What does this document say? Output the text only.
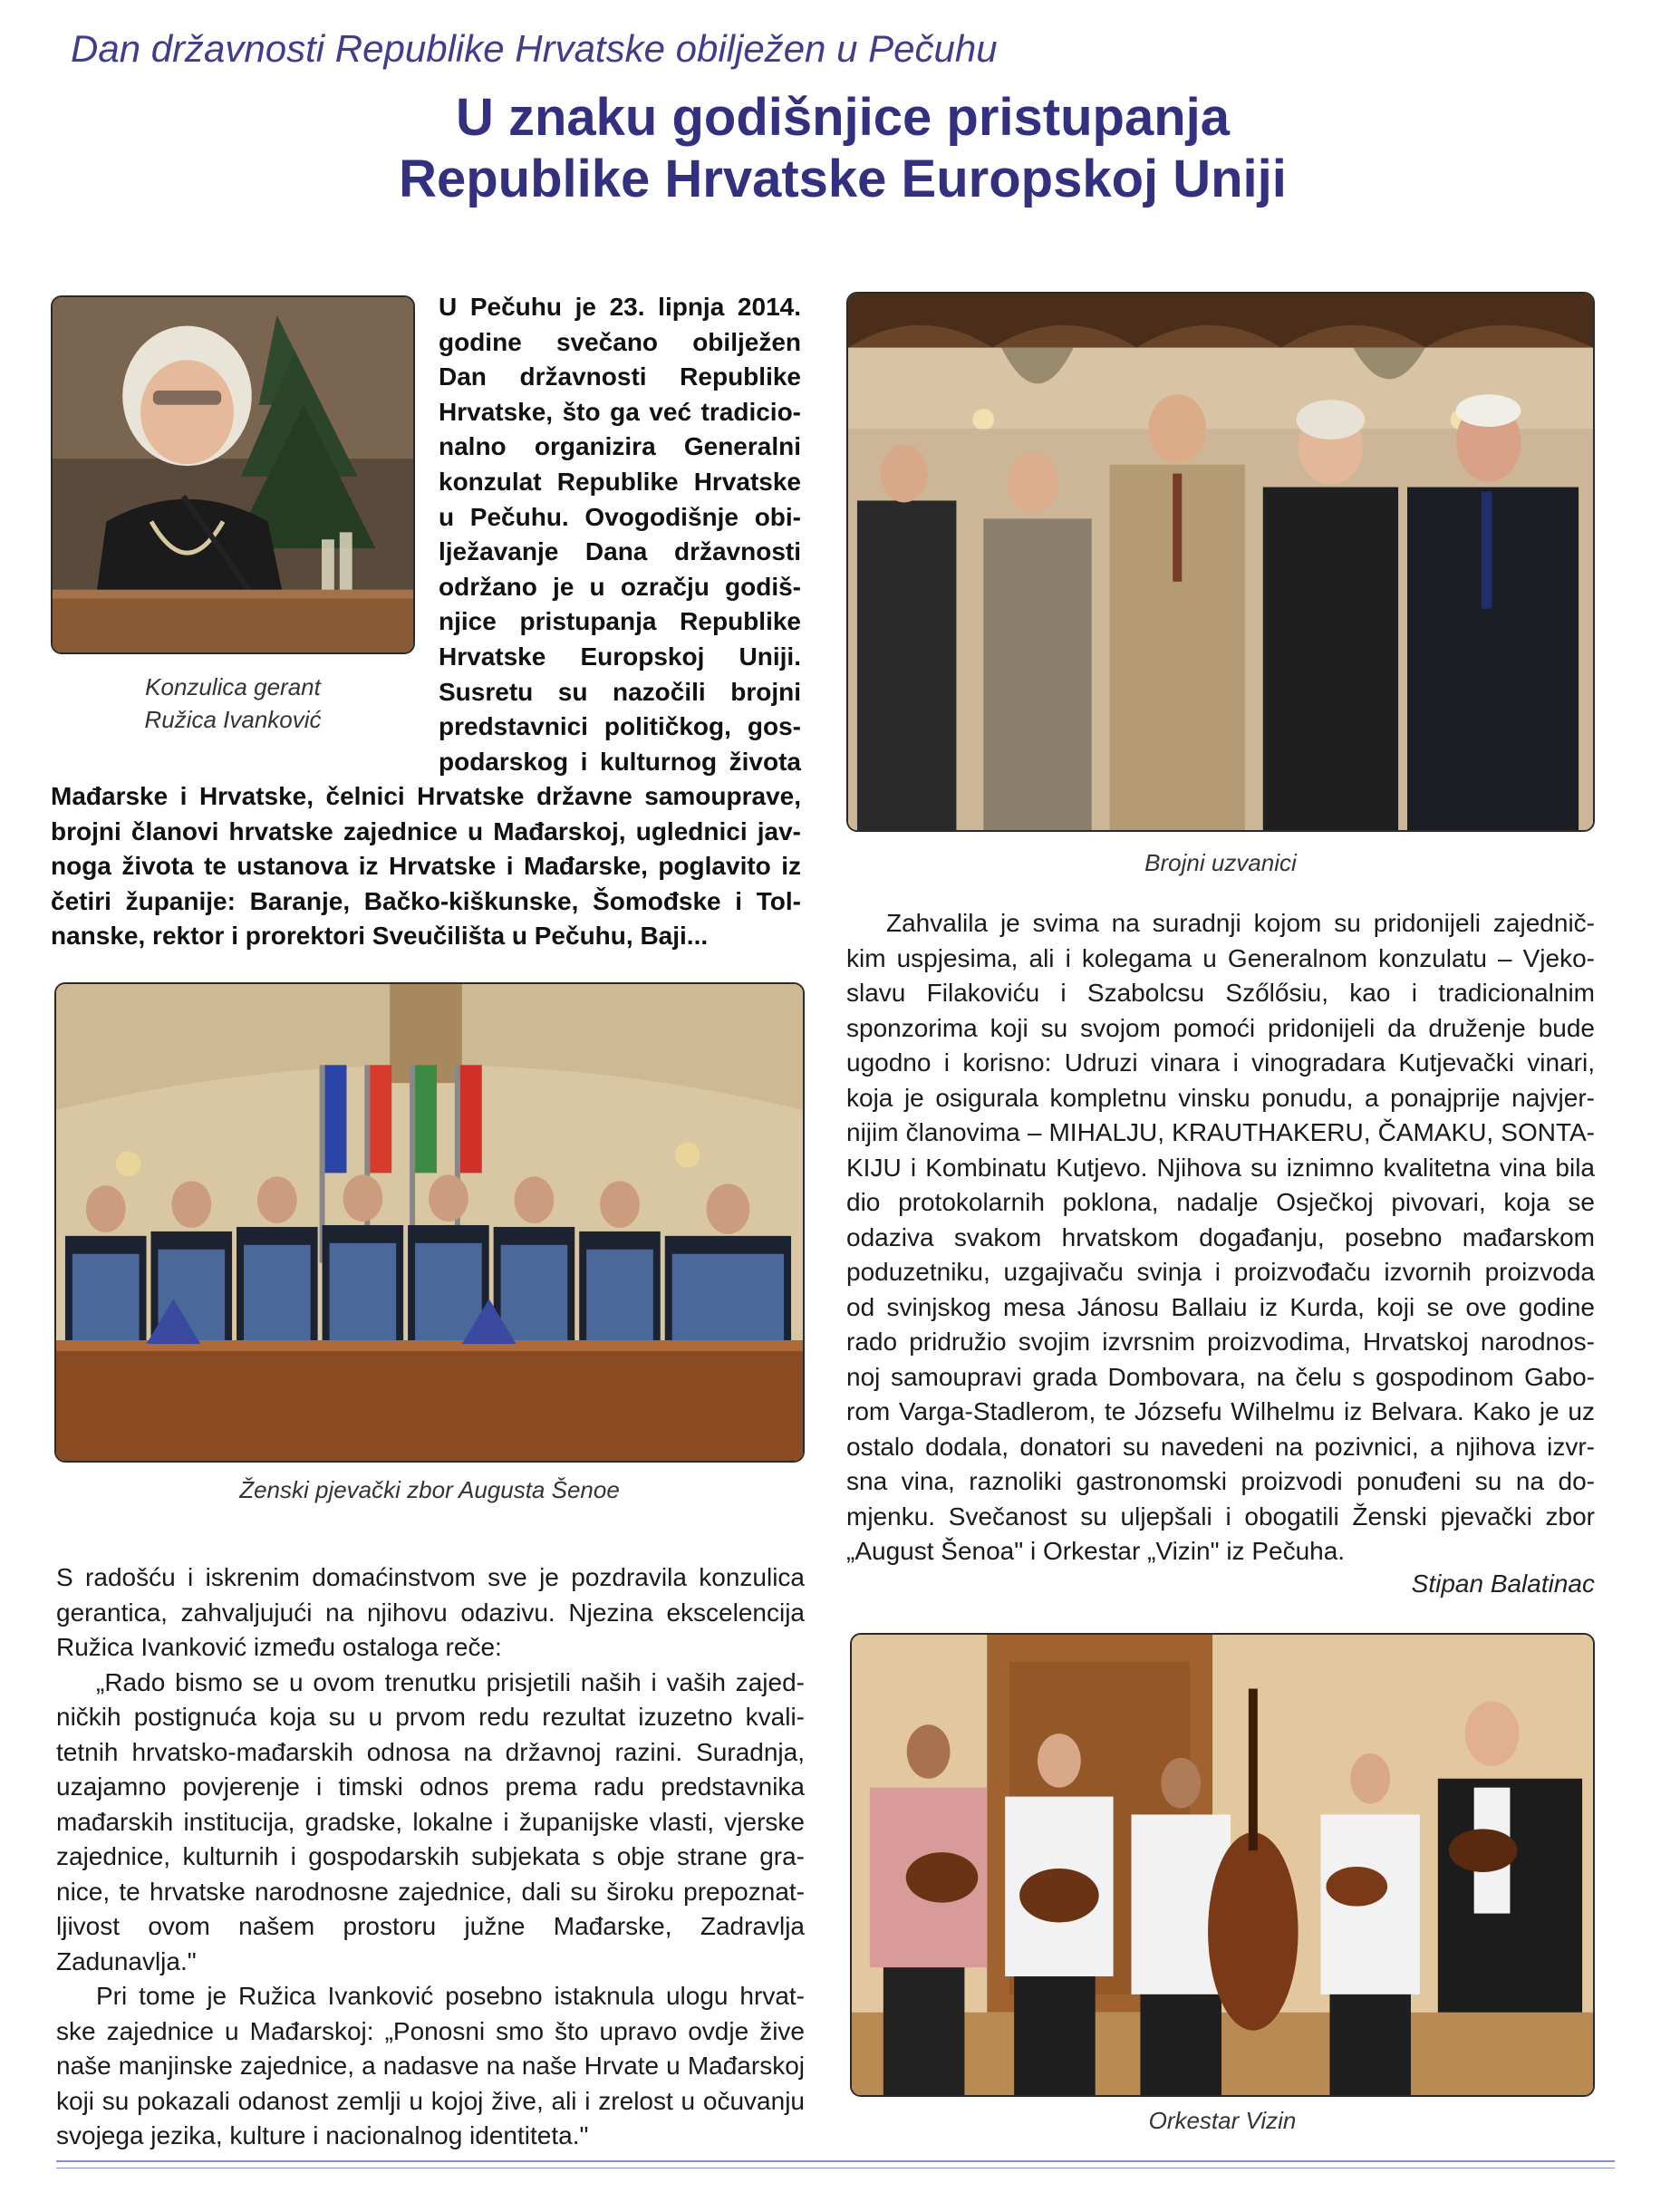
Dan državnosti Republike Hrvatske obilježen u Pečuhu
U znaku godišnjice pristupanja
Republike Hrvatske Europskoj Uniji
Konzulica gerant
Ružica Ivanković
U Pečuhu je 23. lipnja 2014.
godine svečano obilježen
Dan državnosti Republike
Hrvatske, što ga već tradicio-
nalno organizira Generalni
konzulat Republike Hrvatske
u Pečuhu. Ovogodišnje obi-
lježavanje Dana državnosti
održano je u ozračju godiš-
njice pristupanja Republike
Hrvatske Europskoj Uniji.
Susretu su nazočili brojni
predstavnici političkog, gos-
podarskog i kulturnog života
Mađarske i Hrvatske, čelnici Hrvatske državne samouprave,
brojni članovi hrvatske zajednice u Mađarskoj, uglednici jav-
noga života te ustanova iz Hrvatske i Mađarske, poglavito iz
četiri županije: Baranje, Bačko-kiškunske, Šomođske i Tol-
nanske, rektor i prorektori Sveučilišta u Pečuhu, Baji...
Brojni uzvanici
Ženski pjevački zbor Augusta Šenoe
S radošću i iskrenim domaćinstvom sve je pozdravila konzulica
gerantica, zahvaljujući na njihovu odazivu. Njezina ekscelencija
Ružica Ivanković između ostaloga reče:
„Rado bismo se u ovom trenutku prisjetili naših i vaših zajed-
ničkih postignuća koja su u prvom redu rezultat izuzetno kvali-
tetnih hrvatsko-mađarskih odnosa na državnoj razini. Suradnja,
uzajamno povjerenje i timski odnos prema radu predstavnika
mađarskih institucija, gradske, lokalne i županijske vlasti, vjerske
zajednice, kulturnih i gospodarskih subjekata s obje strane gra-
nice, te hrvatske narodnosne zajednice, dali su široku prepoznat-
ljivost ovom našem prostoru južne Mađarske, Zadravlja
Zadunavlja."
Pri tome je Ružica Ivanković posebno istaknula ulogu hrvat-
ske zajednice u Mađarskoj: „Ponosni smo što upravo ovdje žive
naše manjinske zajednice, a nadasve na naše Hrvate u Mađarskoj
koji su pokazali odanost zemlji u kojoj žive, ali i zrelost u očuvanju
svojega jezika, kulture i nacionalnog identiteta."
Zahvalila je svima na suradnji kojom su pridonijeli zajednič-
kim uspjesima, ali i kolegama u Generalnom konzulatu – Vjeko-
slavu Filakoviću i Szabolcsu Szőlősiu, kao i tradicionalnim
sponzorima koji su svojom pomoći pridonijeli da druženje bude
ugodno i korisno: Udruzi vinara i vinogradara Kutjevački vinari,
koja je osigurala kompletnu vinsku ponudu, a ponajprije najvjer-
nijim članovima – MIHALJU, KRAUTHAKERU, ČAMAKU, SONTA-
KIJU i Kombinatu Kutjevo. Njihova su iznimno kvalitetna vina bila
dio protokolarnih poklona, nadalje Osječkoj pivovari, koja se
odaziva svakom hrvatskom događanju, posebno mađarskom
poduzetniku, uzgajivaču svinja i proizvođaču izvornih proizvoda
od svinjskog mesa Jánosu Ballaiu iz Kurda, koji se ove godine
rado pridružio svojim izvrsnim proizvodima, Hrvatskoj narodnos-
noj samoupravi grada Dombovara, na čelu s gospodinom Gabo-
rom Varga-Stadlerom, te Józsefu Wilhelmu iz Belvara. Kako je uz
ostalo dodala, donatori su navedeni na pozivnici, a njihova izvr-
sna vina, raznoliki gastronomski proizvodi ponuđeni su na do-
mjenku. Svečanost su uljepšali i obogatili Ženski pjevački zbor
„August Šenoa" i Orkestar „Vizin" iz Pečuha.
Stipan Balatinac
Orkestar Vizin
